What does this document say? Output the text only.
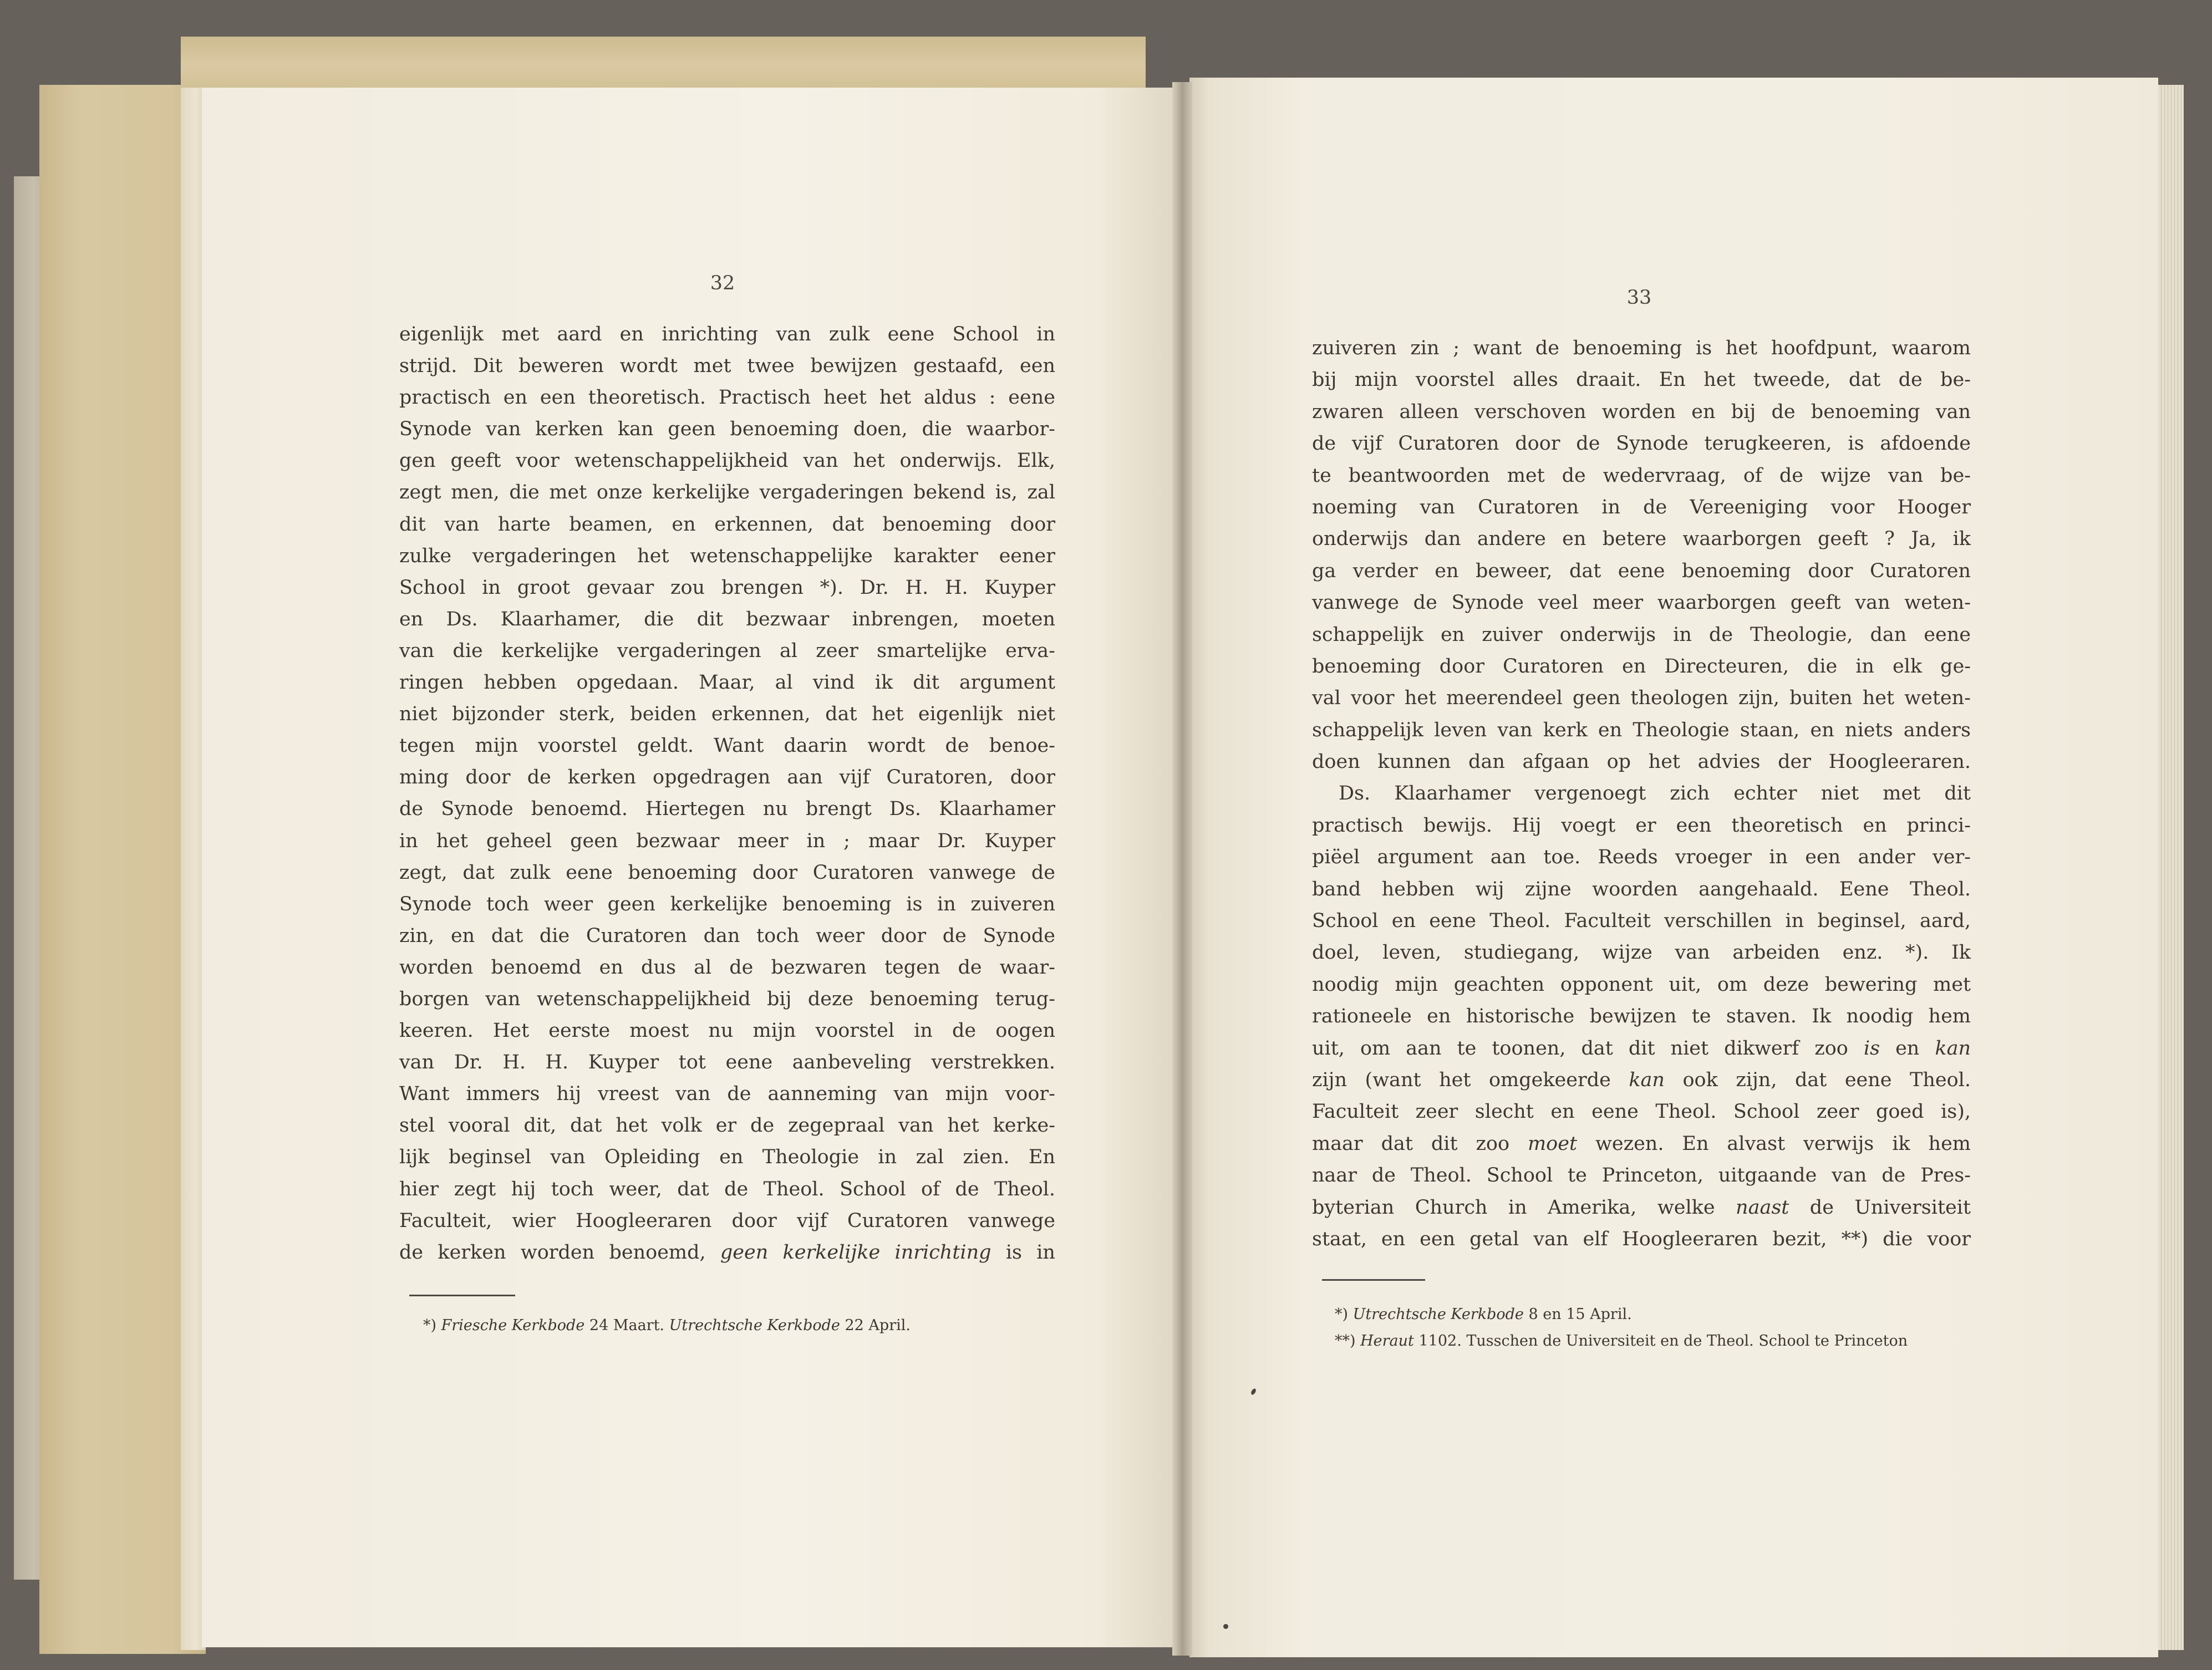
32
eigenlijk met aard en inrichting van zulk eene School in
strijd. Dit beweren wordt met twee bewijzen gestaafd, een
practisch en een theoretisch. Practisch heet het aldus : eene
Synode van kerken kan geen benoeming doen, die waarbor-
gen geeft voor wetenschappelijkheid van het onderwijs. Elk,
zegt men, die met onze kerkelijke vergaderingen bekend is, zal
dit van harte beamen, en erkennen, dat benoeming door
zulke vergaderingen het wetenschappelijke karakter eener
School in groot gevaar zou brengen *). Dr. H. H. Kuyper
en Ds. Klaarhamer, die dit bezwaar inbrengen, moeten
van die kerkelijke vergaderingen al zeer smartelijke erva-
ringen hebben opgedaan. Maar, al vind ik dit argument
niet bijzonder sterk, beiden erkennen, dat het eigenlijk niet
tegen mijn voorstel geldt. Want daarin wordt de benoe-
ming door de kerken opgedragen aan vijf Curatoren, door
de Synode benoemd. Hiertegen nu brengt Ds. Klaarhamer
in het geheel geen bezwaar meer in ; maar Dr. Kuyper
zegt, dat zulk eene benoeming door Curatoren vanwege de
Synode toch weer geen kerkelijke benoeming is in zuiveren
zin, en dat die Curatoren dan toch weer door de Synode
worden benoemd en dus al de bezwaren tegen de waar-
borgen van wetenschappelijkheid bij deze benoeming terug-
keeren. Het eerste moest nu mijn voorstel in de oogen
van Dr. H. H. Kuyper tot eene aanbeveling verstrekken.
Want immers hij vreest van de aanneming van mijn voor-
stel vooral dit, dat het volk er de zegepraal van het kerke-
lijk beginsel van Opleiding en Theologie in zal zien. En
hier zegt hij toch weer, dat de Theol. School of de Theol.
Faculteit, wier Hoogleeraren door vijf Curatoren vanwege
de kerken worden benoemd, geen kerkelijke inrichting is in
*) Friesche Kerkbode 24 Maart. Utrechtsche Kerkbode 22 April.
33
zuiveren zin ; want de benoeming is het hoofdpunt, waarom
bij mijn voorstel alles draait. En het tweede, dat de be-
zwaren alleen verschoven worden en bij de benoeming van
de vijf Curatoren door de Synode terugkeeren, is afdoende
te beantwoorden met de wedervraag, of de wijze van be-
noeming van Curatoren in de Vereeniging voor Hooger
onderwijs dan andere en betere waarborgen geeft ? Ja, ik
ga verder en beweer, dat eene benoeming door Curatoren
vanwege de Synode veel meer waarborgen geeft van weten-
schappelijk en zuiver onderwijs in de Theologie, dan eene
benoeming door Curatoren en Directeuren, die in elk ge-
val voor het meerendeel geen theologen zijn, buiten het weten-
schappelijk leven van kerk en Theologie staan, en niets anders
doen kunnen dan afgaan op het advies der Hoogleeraren.
Ds. Klaarhamer vergenoegt zich echter niet met dit
practisch bewijs. Hij voegt er een theoretisch en princi-
piëel argument aan toe. Reeds vroeger in een ander ver-
band hebben wij zijne woorden aangehaald. Eene Theol.
School en eene Theol. Faculteit verschillen in beginsel, aard,
doel, leven, studiegang, wijze van arbeiden enz. *). Ik
noodig mijn geachten opponent uit, om deze bewering met
rationeele en historische bewijzen te staven. Ik noodig hem
uit, om aan te toonen, dat dit niet dikwerf zoo is en kan
zijn (want het omgekeerde kan ook zijn, dat eene Theol.
Faculteit zeer slecht en eene Theol. School zeer goed is),
maar dat dit zoo moet wezen. En alvast verwijs ik hem
naar de Theol. School te Princeton, uitgaande van de Pres-
byterian Church in Amerika, welke naast de Universiteit
staat, en een getal van elf Hoogleeraren bezit, **) die voor
*) Utrechtsche Kerkbode 8 en 15 April.
**) Heraut 1102. Tusschen de Universiteit en de Theol. School te Princeton
